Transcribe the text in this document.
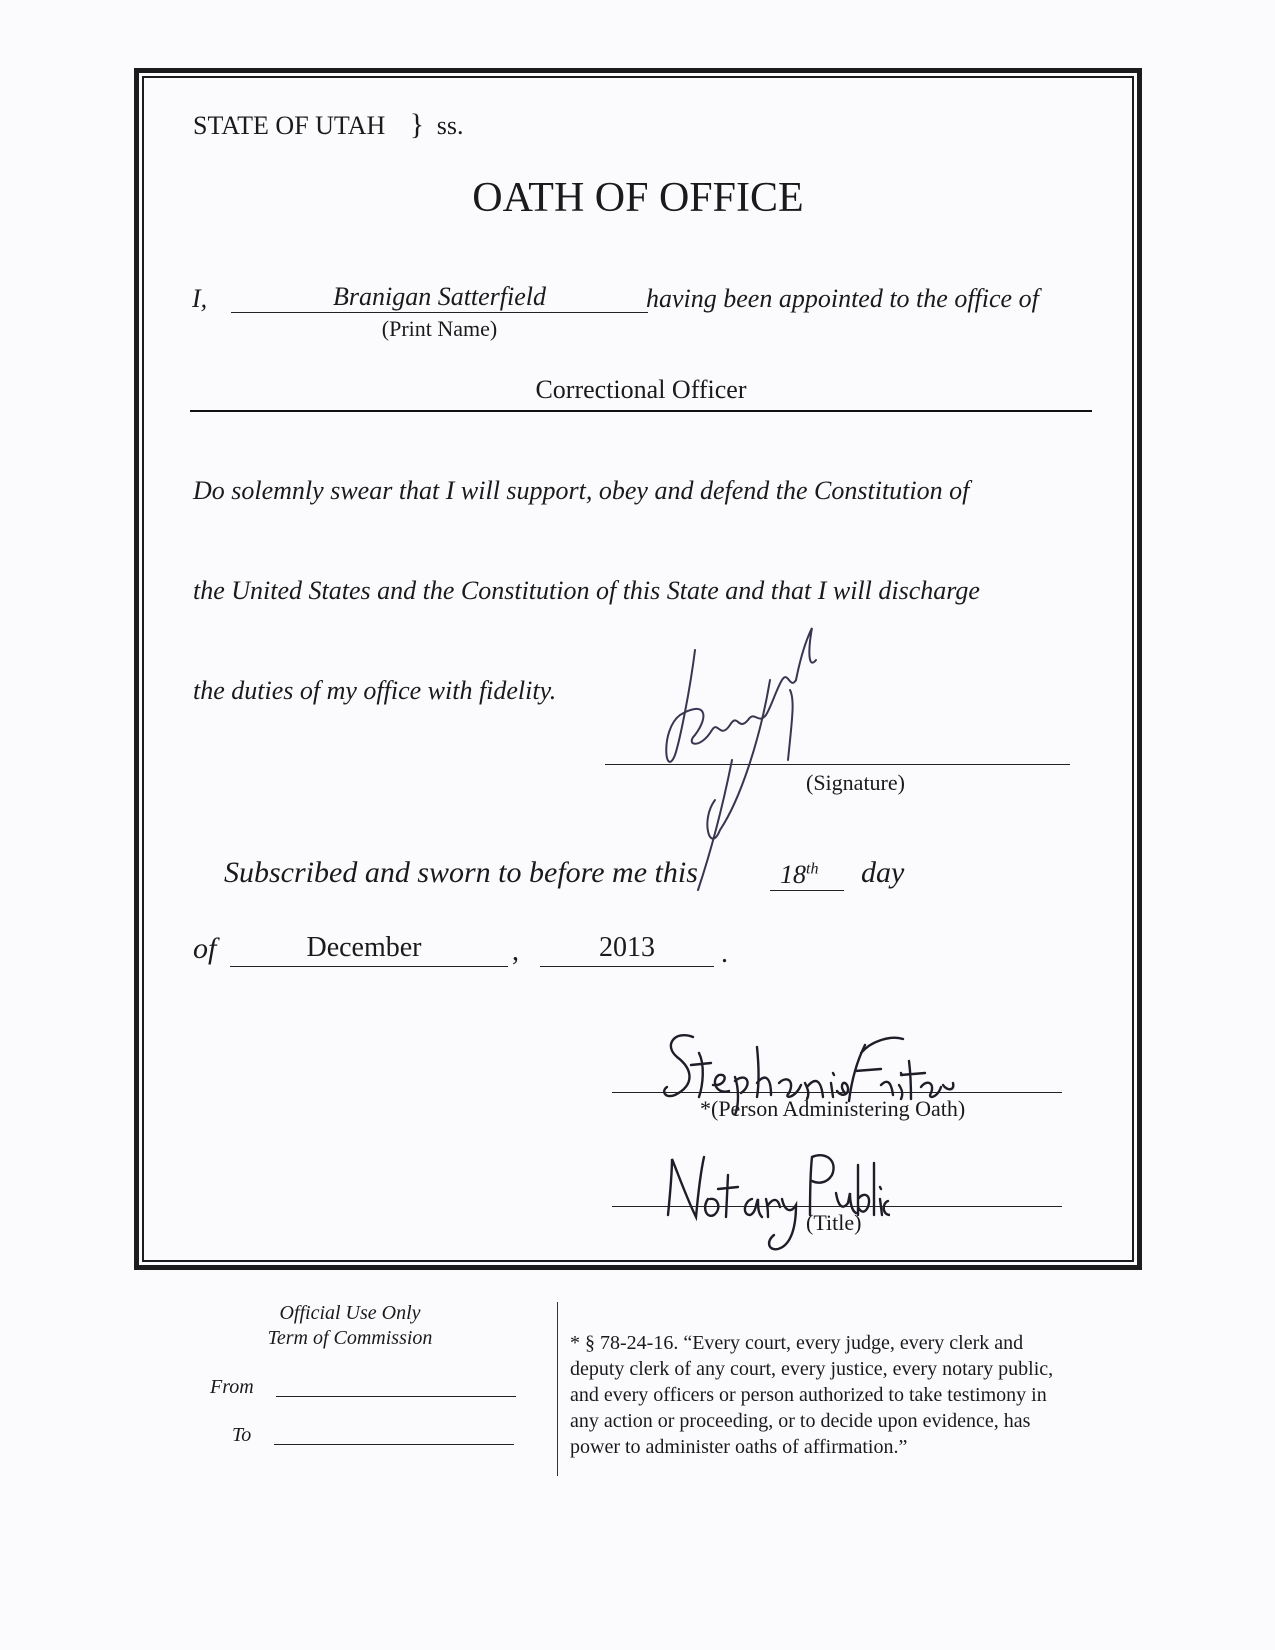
STATE OF UTAH } ss.
OATH OF OFFICE
I,	Branigan Satterfield	having been appointed to the office of
(Print Name)
Correctional Officer
Do solemnly swear that I will support, obey and defend the Constitution of
the United States and the Constitution of this State and that I will discharge
the duties of my office with fidelity.
(Signature)
Subscribed and sworn to before me this	18th day
of	December	,	2013	.
*(Person Administering Oath)
(Title)
Official Use Only
Term of Commission
From
To
* § 78-24-16. “Every court, every judge, every clerk and
deputy clerk of any court, every justice, every notary public,
and every officers or person authorized to take testimony in
any action or proceeding, or to decide upon evidence, has
power to administer oaths of affirmation.”
